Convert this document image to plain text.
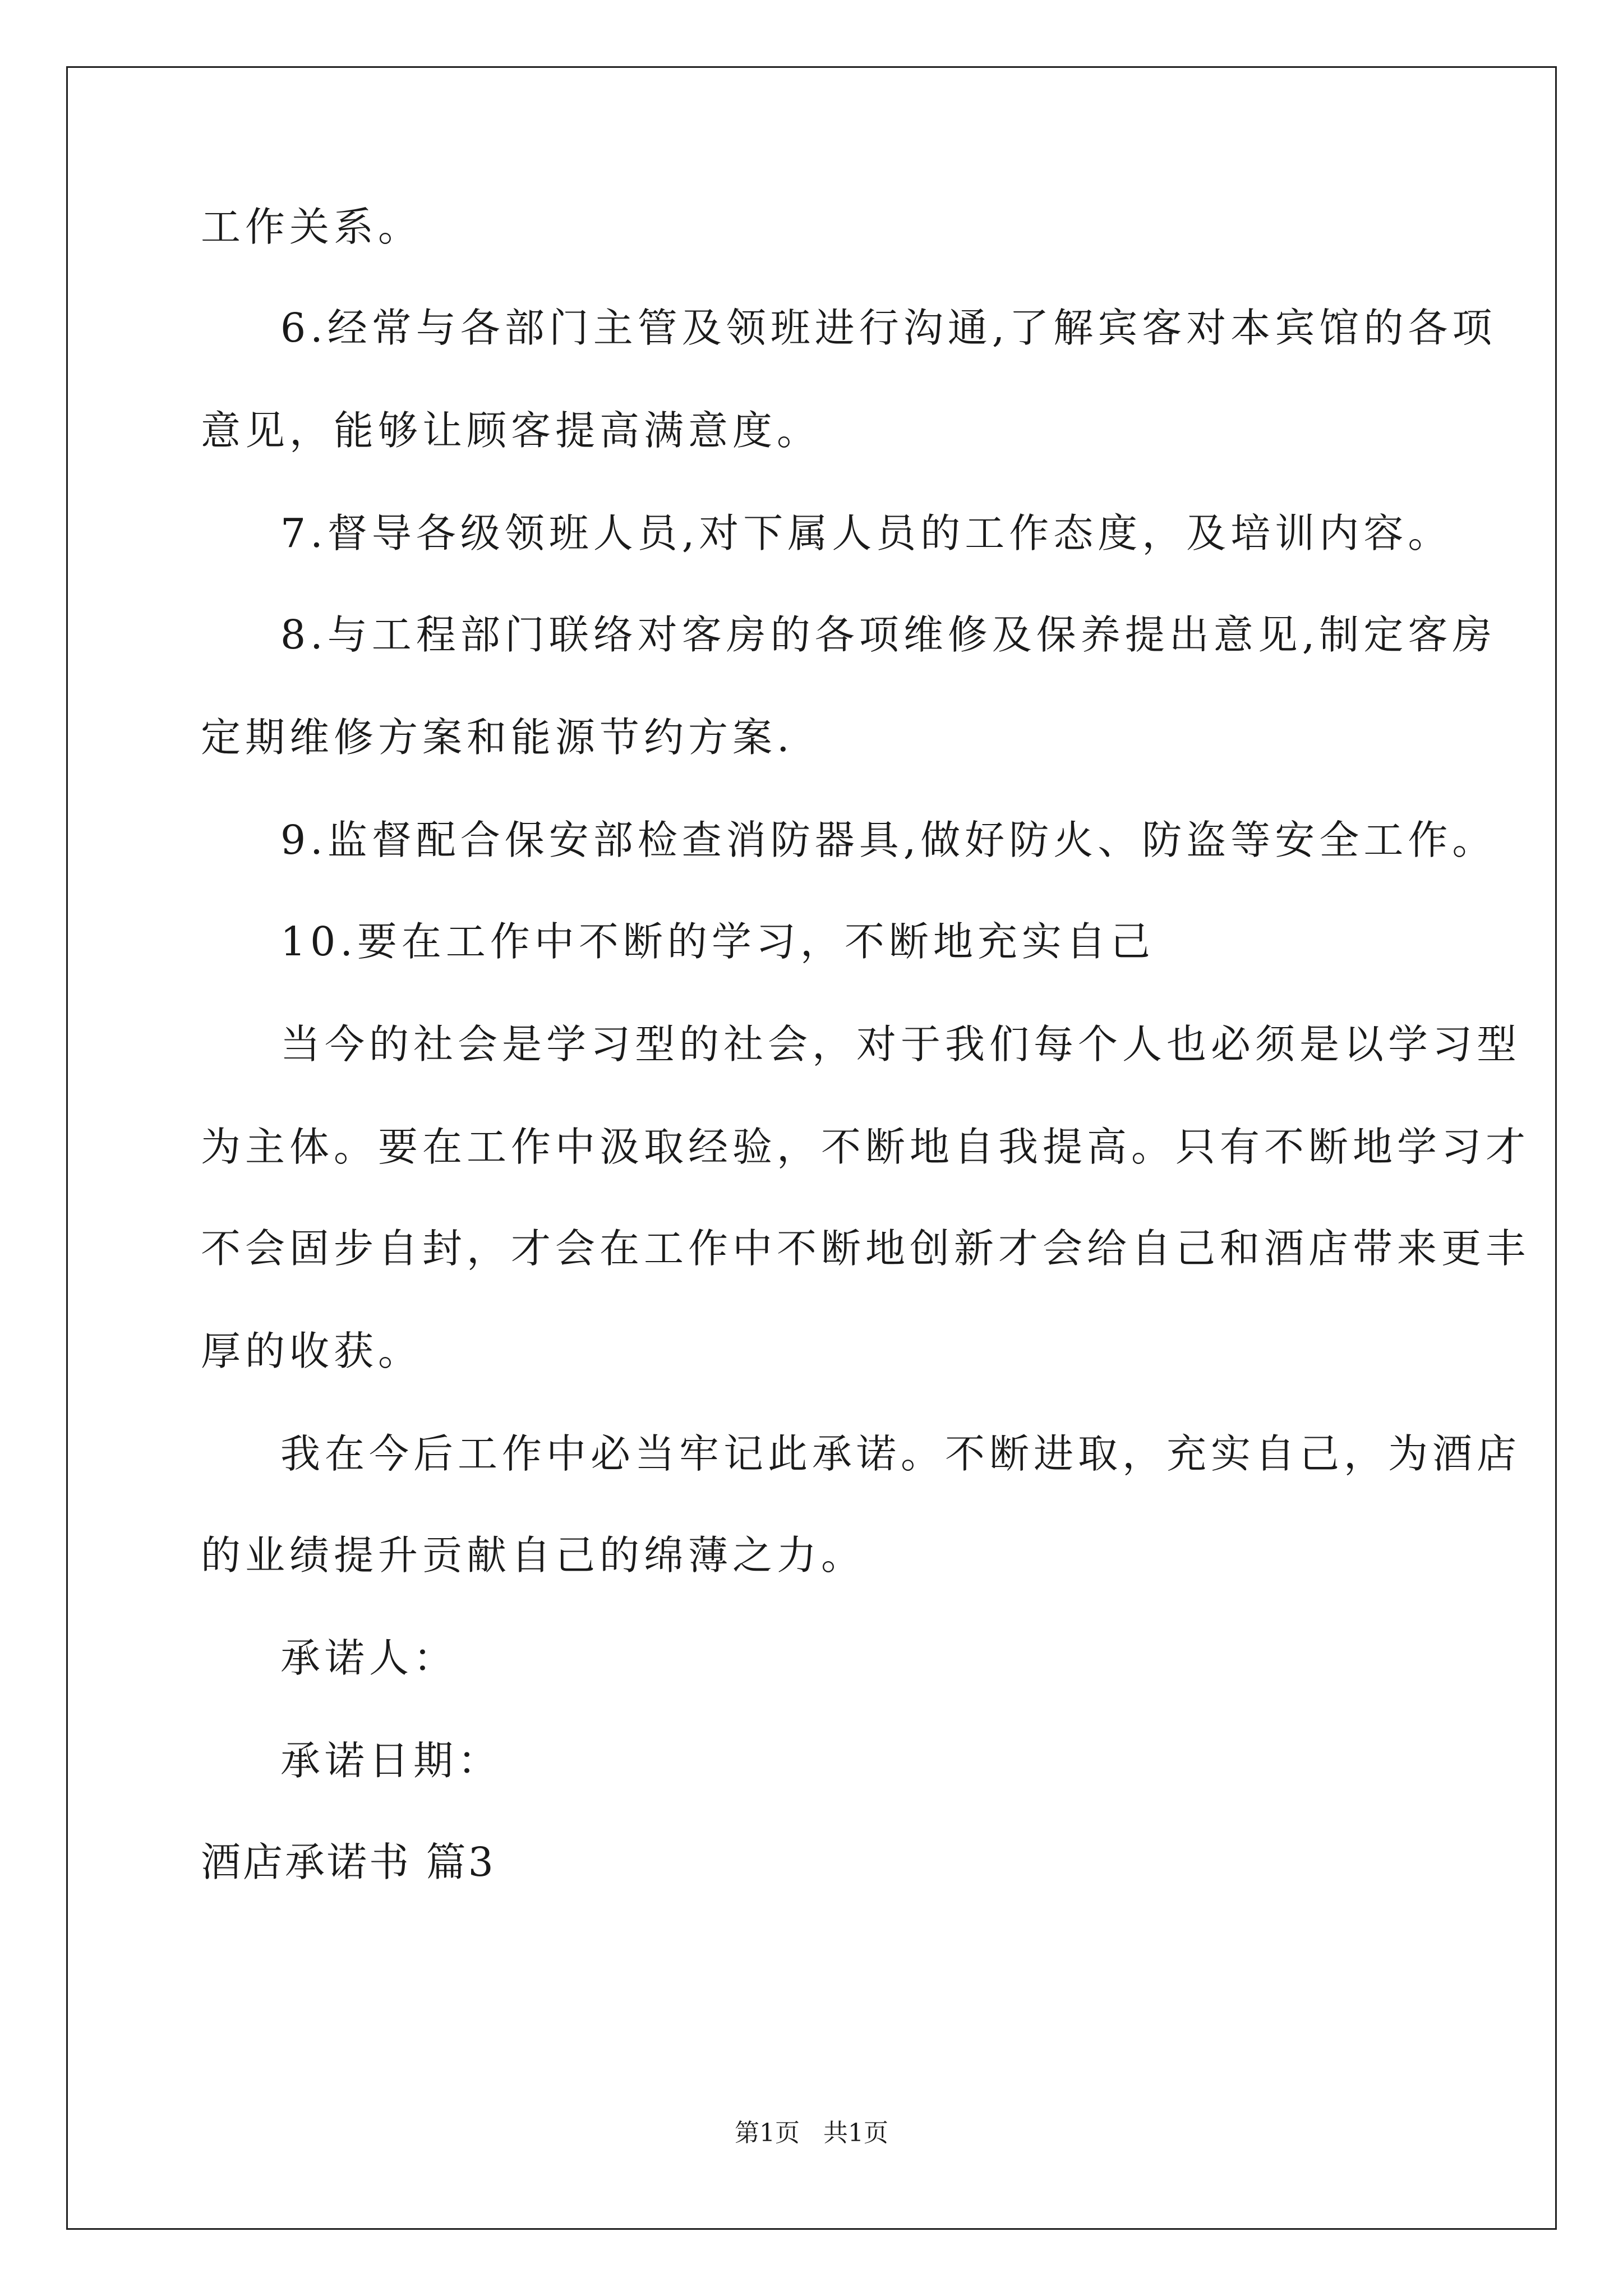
工作关系。
6.经常与各部门主管及领班进行沟通,了解宾客对本宾馆的各项
意见，能够让顾客提高满意度。
7.督导各级领班人员,对下属人员的工作态度，及培训内容。
8.与工程部门联络对客房的各项维修及保养提出意见,制定客房
定期维修方案和能源节约方案.
9.监督配合保安部检查消防器具,做好防火、防盗等安全工作。
10.要在工作中不断的学习，不断地充实自己
当今的社会是学习型的社会，对于我们每个人也必须是以学习型
为主体。要在工作中汲取经验，不断地自我提高。只有不断地学习才
不会固步自封，才会在工作中不断地创新才会给自己和酒店带来更丰
厚的收获。
我在今后工作中必当牢记此承诺。不断进取，充实自己，为酒店
的业绩提升贡献自己的绵薄之力。
承诺人：
承诺日期：
酒店承诺书 篇3
第1页   共1页
